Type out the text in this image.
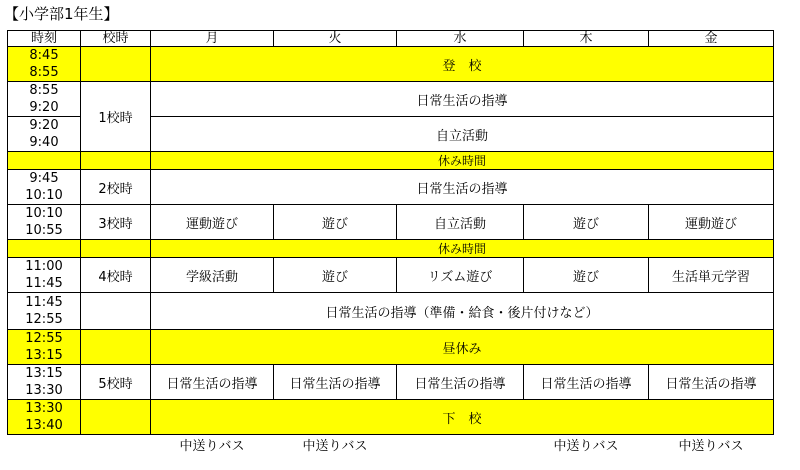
【小学部1年生】
時刻	校時	月	火	水	木	金

8:45
8:55		登　校				

8:55
9:20	1校時	日常生活の指導				

9:20
9:40		自立活動				
		休み時間				

9:45
10:10	2校時	日常生活の指導				

10:10
10:55	3校時	運動遊び	遊び	自立活動	遊び	運動遊び
		休み時間				

11:00
11:45	4校時	学級活動	遊び	リズム遊び	遊び	生活単元学習

11:45
12:55		日常生活の指導（準備・給食・後片付けなど）				

12:55
13:15		昼休み				

13:15
13:30	5校時	日常生活の指導	日常生活の指導	日常生活の指導	日常生活の指導	日常生活の指導

13:30
13:40		下　校				
		中送りバス	中送りバス		中送りバス	中送りバス
